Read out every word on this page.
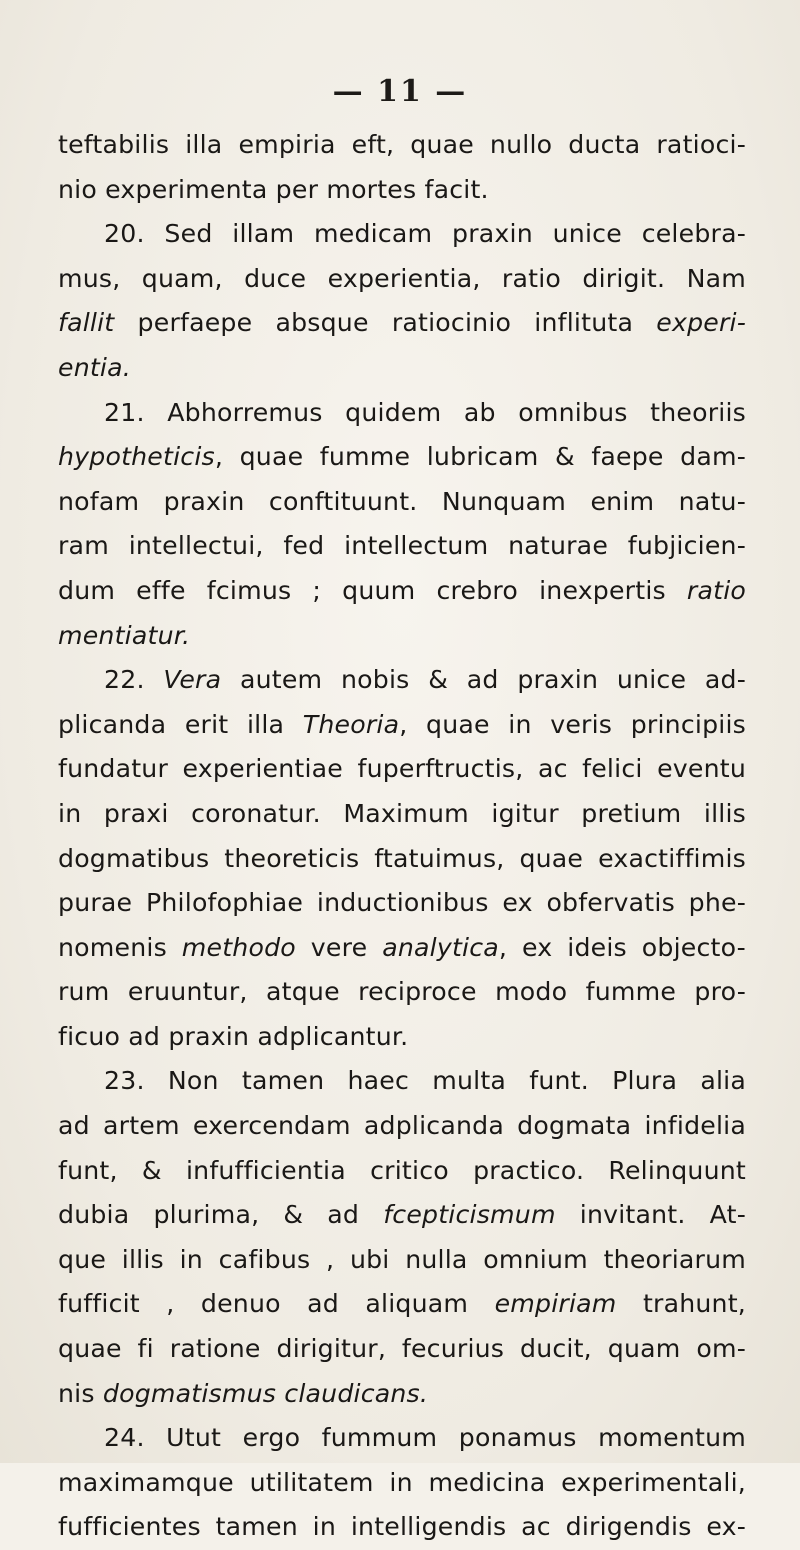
— 11 —
teftabilis illa empiria eft, quae nullo ducta ratioci-
nio experimenta per mortes facit.
20. Sed illam medicam praxin unice celebra-
mus, quam, duce experientia, ratio dirigit. Nam
fallit perfaepe absque ratiocinio inflituta experi-
entia.
21. Abhorremus quidem ab omnibus theoriis
hypotheticis, quae fumme lubricam & faepe dam-
nofam praxin conftituunt. Nunquam enim natu-
ram intellectui, fed intellectum naturae fubjicien-
dum effe fcimus ; quum crebro inexpertis ratio
mentiatur.
22. Vera autem nobis & ad praxin unice ad-
plicanda erit illa Theoria, quae in veris principiis
fundatur experientiae fuperftructis, ac felici eventu
in praxi coronatur. Maximum igitur pretium illis
dogmatibus theoreticis ftatuimus, quae exactiffimis
purae Philofophiae inductionibus ex obfervatis phe-
nomenis methodo vere analytica, ex ideis objecto-
rum eruuntur, atque reciproce modo fumme pro-
ficuo ad praxin adplicantur.
23. Non tamen haec multa funt. Plura alia
ad artem exercendam adplicanda dogmata infidelia
funt, & infufficientia critico practico. Relinquunt
dubia plurima, & ad fcepticismum invitant. At-
que illis in cafibus , ubi nulla omnium theoriarum
fufficit , denuo ad aliquam empiriam trahunt,
quae fi ratione dirigitur, fecurius ducit, quam om-
nis dogmatismus claudicans.
24. Utut ergo fummum ponamus momentum
maximamque utilitatem in medicina experimentali,
fufficientes tamen in intelligendis ac dirigendis ex-
